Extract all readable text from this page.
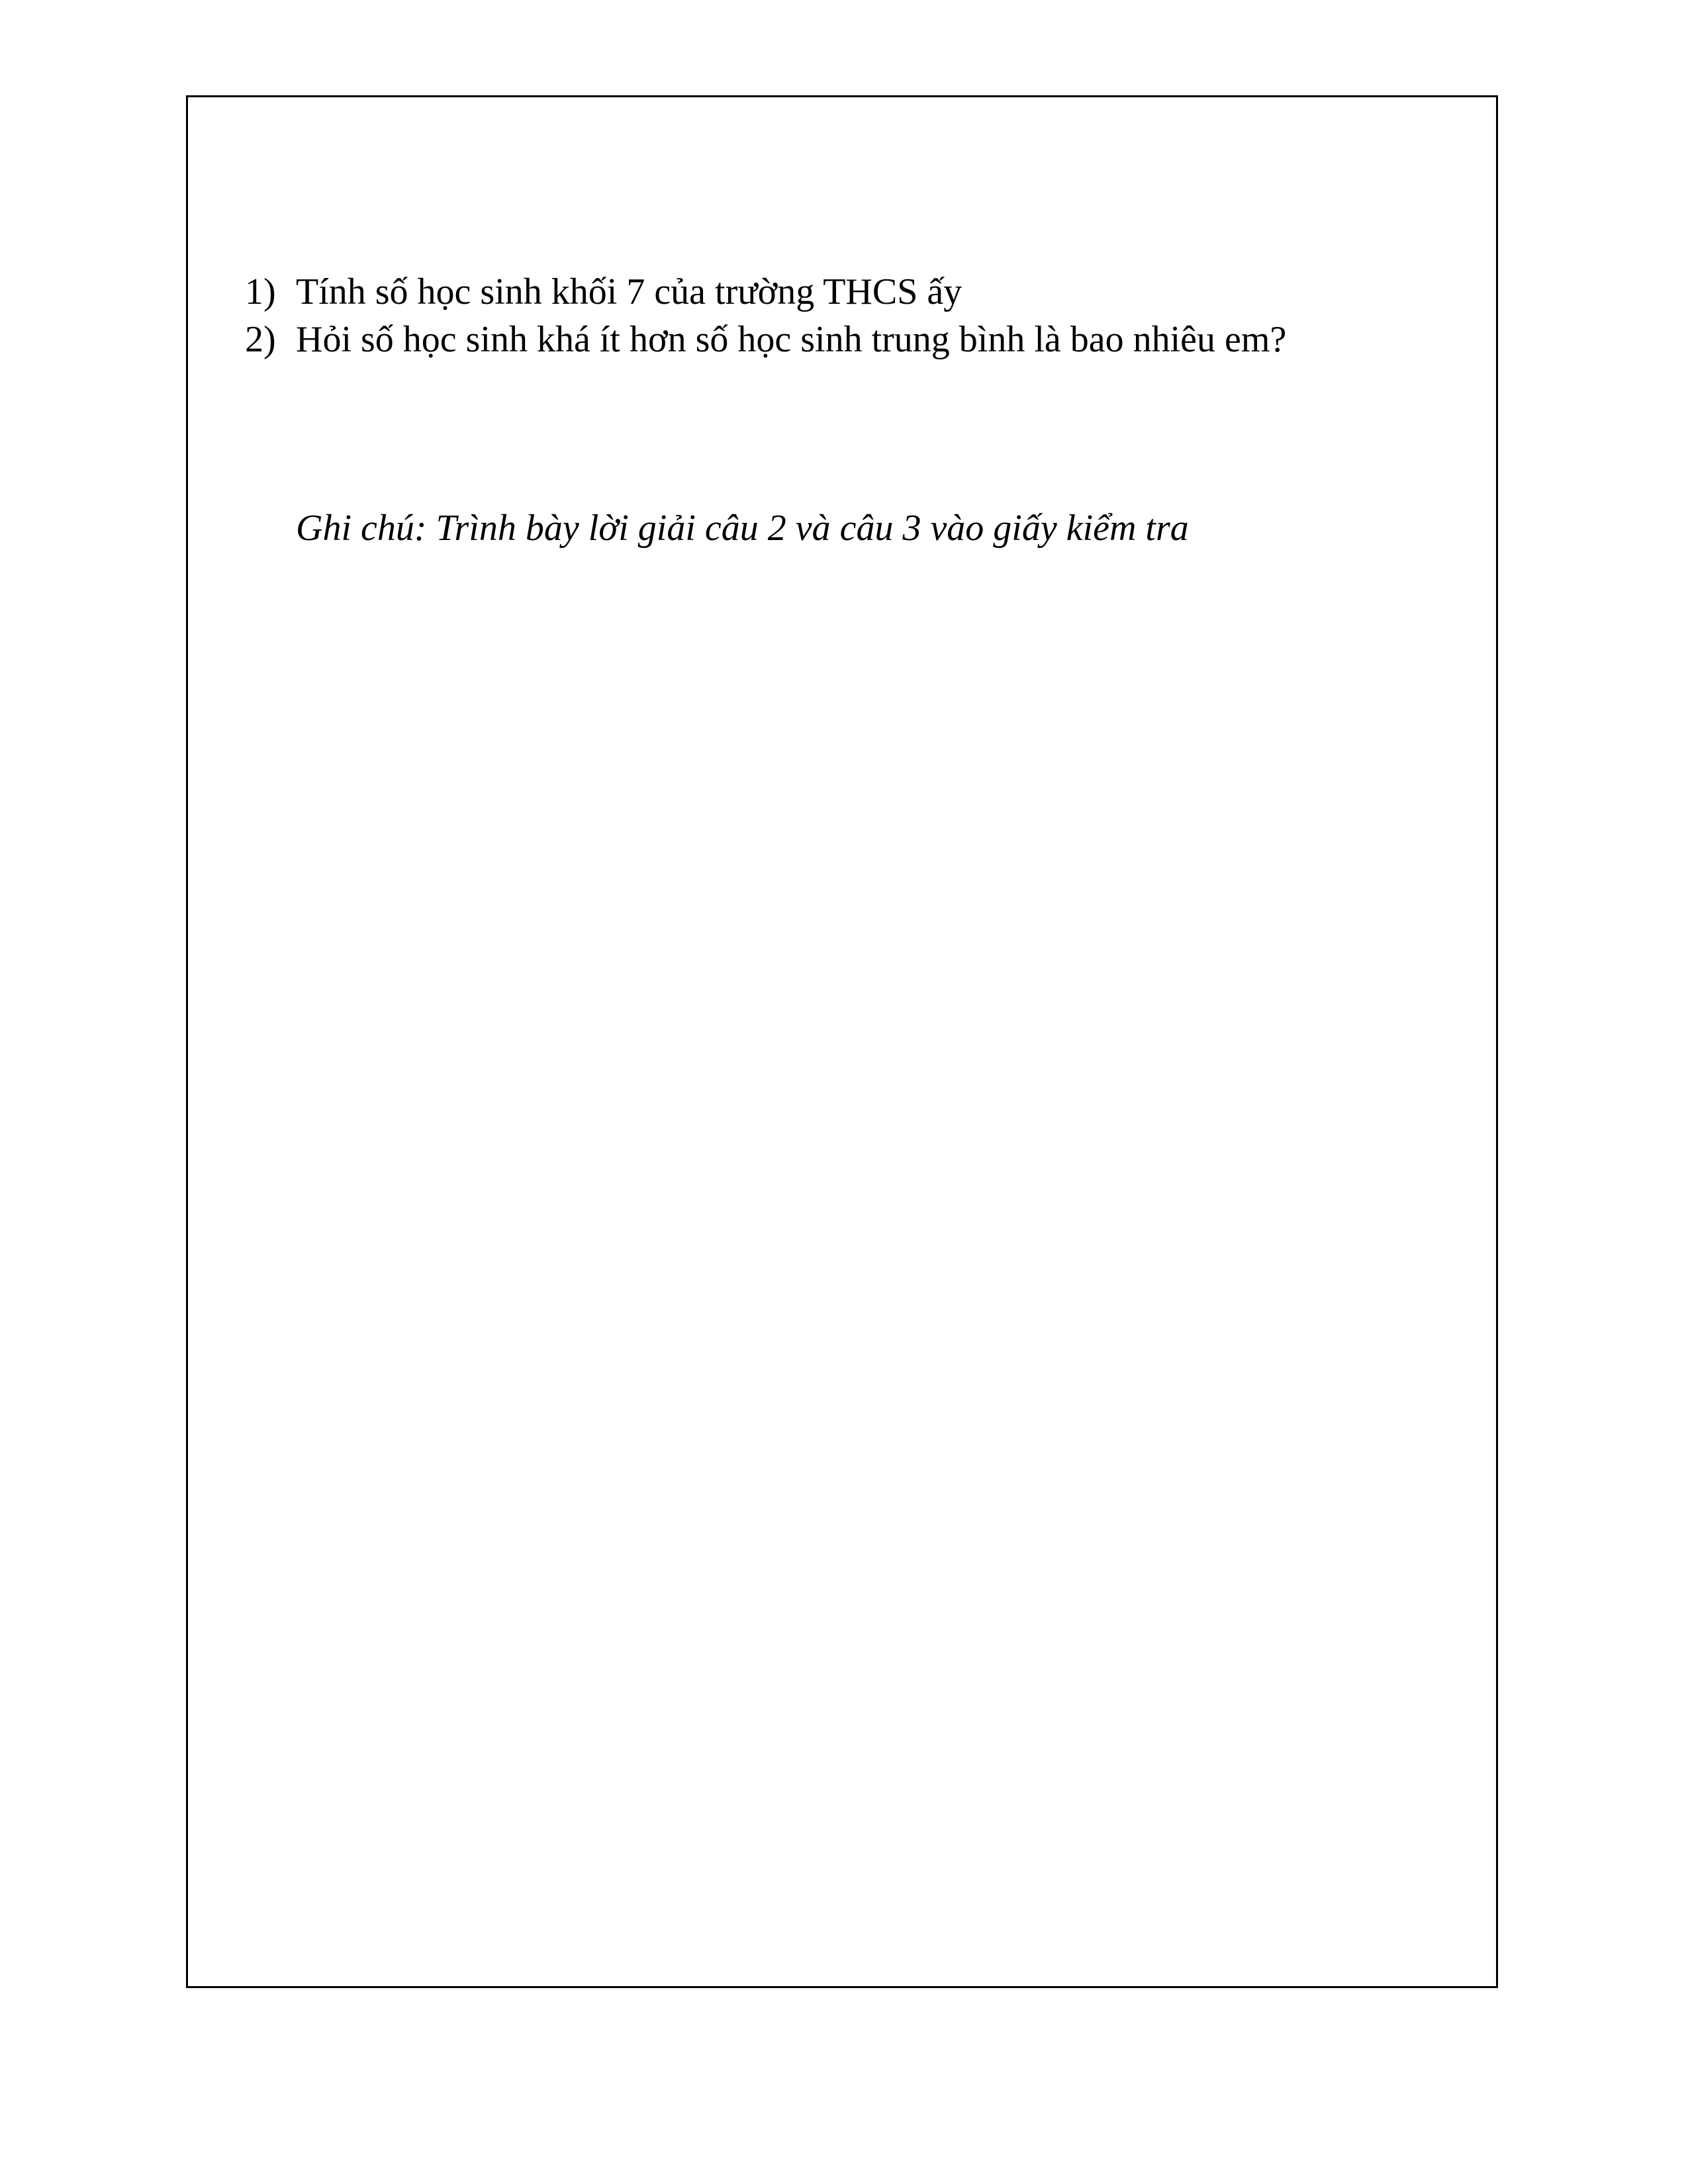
1) Tính số học sinh khối 7 của trường THCS ấy
2) Hỏi số học sinh khá ít hơn số học sinh trung bình là bao nhiêu em?
Ghi chú: Trình bày lời giải câu 2 và câu 3 vào giấy kiểm tra
